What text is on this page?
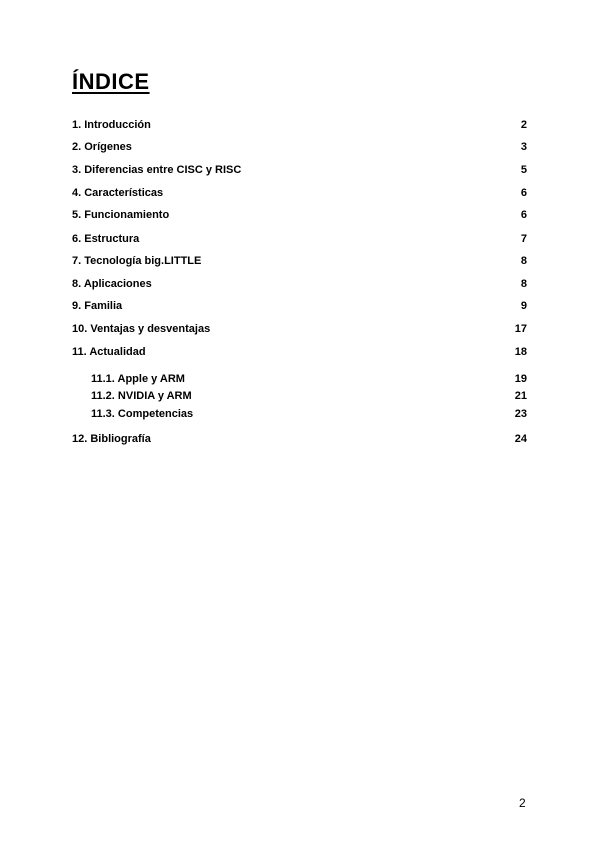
ÍNDICE
1. Introducción	2
2. Orígenes	3
3. Diferencias entre CISC y RISC	5
4. Características	6
5. Funcionamiento	6
6. Estructura	7
7. Tecnología big.LITTLE	8
8. Aplicaciones	8
9. Familia	9
10. Ventajas y desventajas	17
11. Actualidad	18
11.1. Apple y ARM	19
11.2. NVIDIA y ARM	21
11.3. Competencias	23
12. Bibliografía	24
2
